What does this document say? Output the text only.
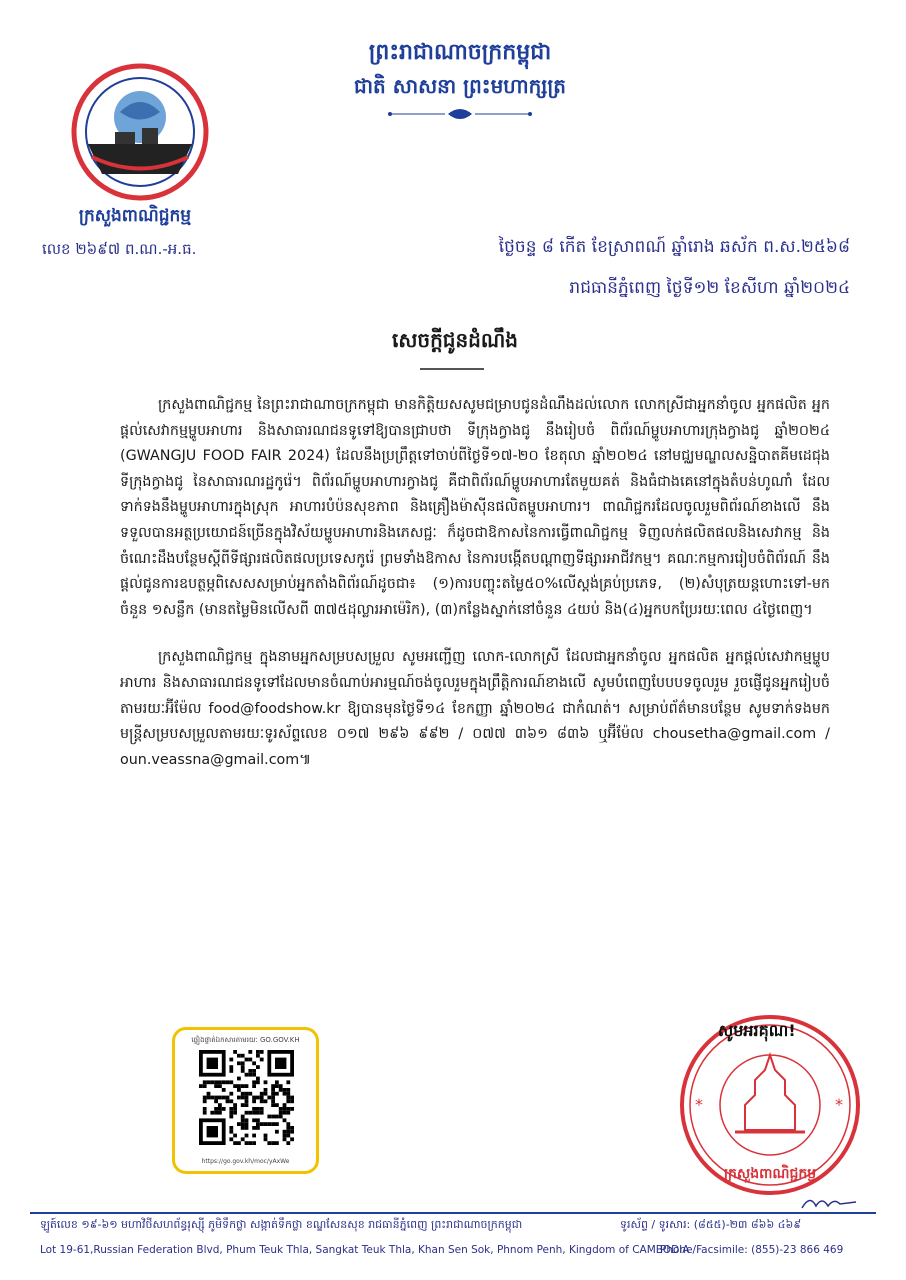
ព្រះរាជាណាចក្រកម្ពុជា
ជាតិ សាសនា ព្រះមហាក្សត្រ
ក្រសួងពាណិជ្ជកម្ម
លេខ ២៦៩៧ ព.ណ.-អ.ធ.	ថ្ងៃចន្ទ ៨ កើត ខែស្រាពណ៍ ឆ្នាំរោង ឆស័ក ព.ស.២៥៦៨
រាជធានីភ្នំពេញ ថ្ងៃទី១២ ខែសីហា ឆ្នាំ២០២៤
សេចក្តីជូនដំណឹង

ក្រសួងពាណិជ្ជកម្ម នៃព្រះរាជាណាចក្រកម្ពុជា មានកិត្តិយសសូមជម្រាបជូនដំណឹងដល់លោក លោកស្រីជាអ្នកនាំចូល អ្នកផលិត អ្នកផ្តល់សេវាកម្មម្ហូបអាហារ និងសាធារណជនទូទៅឱ្យបានជ្រាបថា ទីក្រុងក្វាងជូ នឹងរៀបចំ ពិព័រណ៍ម្ហូបអាហារក្រុងក្វាងជូ ឆ្នាំ២០២៤ (GWANGJU FOOD FAIR 2024) ដែលនឹងប្រព្រឹត្តទៅចាប់ពីថ្ងៃទី១៧-២០ ខែតុលា ឆ្នាំ២០២៤ នៅមជ្ឈមណ្ឌលសន្និបាតគីមដេជុង ទីក្រុងក្វាងជូ នៃសាធារណរដ្ឋកូរ៉េ។ ពិព័រណ៍ម្ហូបអាហារក្វាងជូ គឺជាពិព័រណ៍ម្ហូបអាហារតែមួយគត់ និងធំជាងគេនៅក្នុងតំបន់ហូណាំ ដែលទាក់ទងនឹងម្ហូបអាហារក្នុងស្រុក អាហារបំប៉នសុខភាព និងគ្រឿងម៉ាស៊ីនផលិតម្ហូបអាហារ។ ពាណិជ្ជករដែលចូលរួមពិព័រណ៍ខាងលើ នឹងទទួលបានអត្ថប្រយោជន៍ច្រើនក្នុងវិស័យម្ហូបអាហារនិងភេសជ្ជៈ ក៏ដូចជាឱកាសនៃការធ្វើពាណិជ្ជកម្ម ទិញលក់ផលិតផលនិងសេវាកម្ម និងចំណេះដឹងបន្ថែមស្តីពីទីផ្សារផលិតផលប្រទេសកូរ៉េ ព្រមទាំងឱកាស នៃការបង្កើតបណ្តាញទីផ្សារអាជីវកម្ម។ គណៈកម្មការរៀបចំពិព័រណ៍ នឹងផ្តល់ជូនការឧបត្ថម្ភពិសេសសម្រាប់អ្នកតាំងពិព័រណ៍ដូចជា៖ (១)ការបញ្ចុះតម្លៃ៥០%លើស្តង់គ្រប់ប្រភេទ, (២)សំបុត្រយន្តហោះទៅ-មកចំនួន ១សន្លឹក (មានតម្លៃមិនលើសពី ៣៧៥ដុល្លារអាម៉េរិក), (៣)កន្លែងស្នាក់នៅចំនួន ៤យប់ និង(៤)អ្នកបកប្រែរយៈពេល ៤ថ្ងៃពេញ។

ក្រសួងពាណិជ្ជកម្ម ក្នុងនាមអ្នកសម្របសម្រួល សូមអញ្ជើញ លោក-លោកស្រី ដែលជាអ្នកនាំចូល អ្នកផលិត អ្នកផ្តល់សេវាកម្មម្ហូបអាហារ និងសាធារណជនទូទៅដែលមានចំណាប់អារម្មណ៍ចង់ចូលរួមក្នុងព្រឹត្តិការណ៍ខាងលើ សូមបំពេញបែបបទចូលរួម រួចផ្ញើជូនអ្នករៀបចំ តាមរយៈអ៊ីម៉ែល food@foodshow.kr ឱ្យបានមុនថ្ងៃទី១៤ ខែកញ្ញា ឆ្នាំ២០២៤ ជាកំណត់។ សម្រាប់ព័ត៌មានបន្ថែម សូមទាក់ទងមកមន្ត្រីសម្របសម្រួលតាមរយៈទូរស័ព្ទលេខ ០១៧ ២៩៦ ៩៩២ / ០៧៧ ៣៦១ ៨៣៦ ឬអ៊ីម៉ែល chousetha@gmail.com / oun.veassna@gmail.com៕

ផ្ទៀងផ្ទាត់ឯកសារតាមរយៈ GO.GOV.KH
https://go.gov.kh/moc/yAxWe
*	*
ក្រសួងពាណិជ្ជកម្ម
សូមអរគុណ!
ឡូត៍លេខ ១៩-៦១ មហាវិថីសហព័ន្ធរុស្ស៊ី ភូមិទឹកថ្លា សង្កាត់ទឹកថ្លា ខណ្ឌសែនសុខ រាជធានីភ្នំពេញ ព្រះរាជាណាចក្រកម្ពុជា	ទូរស័ព្ទ / ទូរសារ: (៨៥៥)-២៣ ៨៦៦ ៤៦៩
Lot 19-61,Russian Federation Blvd, Phum Teuk Thla, Sangkat Teuk Thla, Khan Sen Sok, Phnom Penh, Kingdom of CAMBODIA
Phone/Facsimile: (855)-23 866 469
